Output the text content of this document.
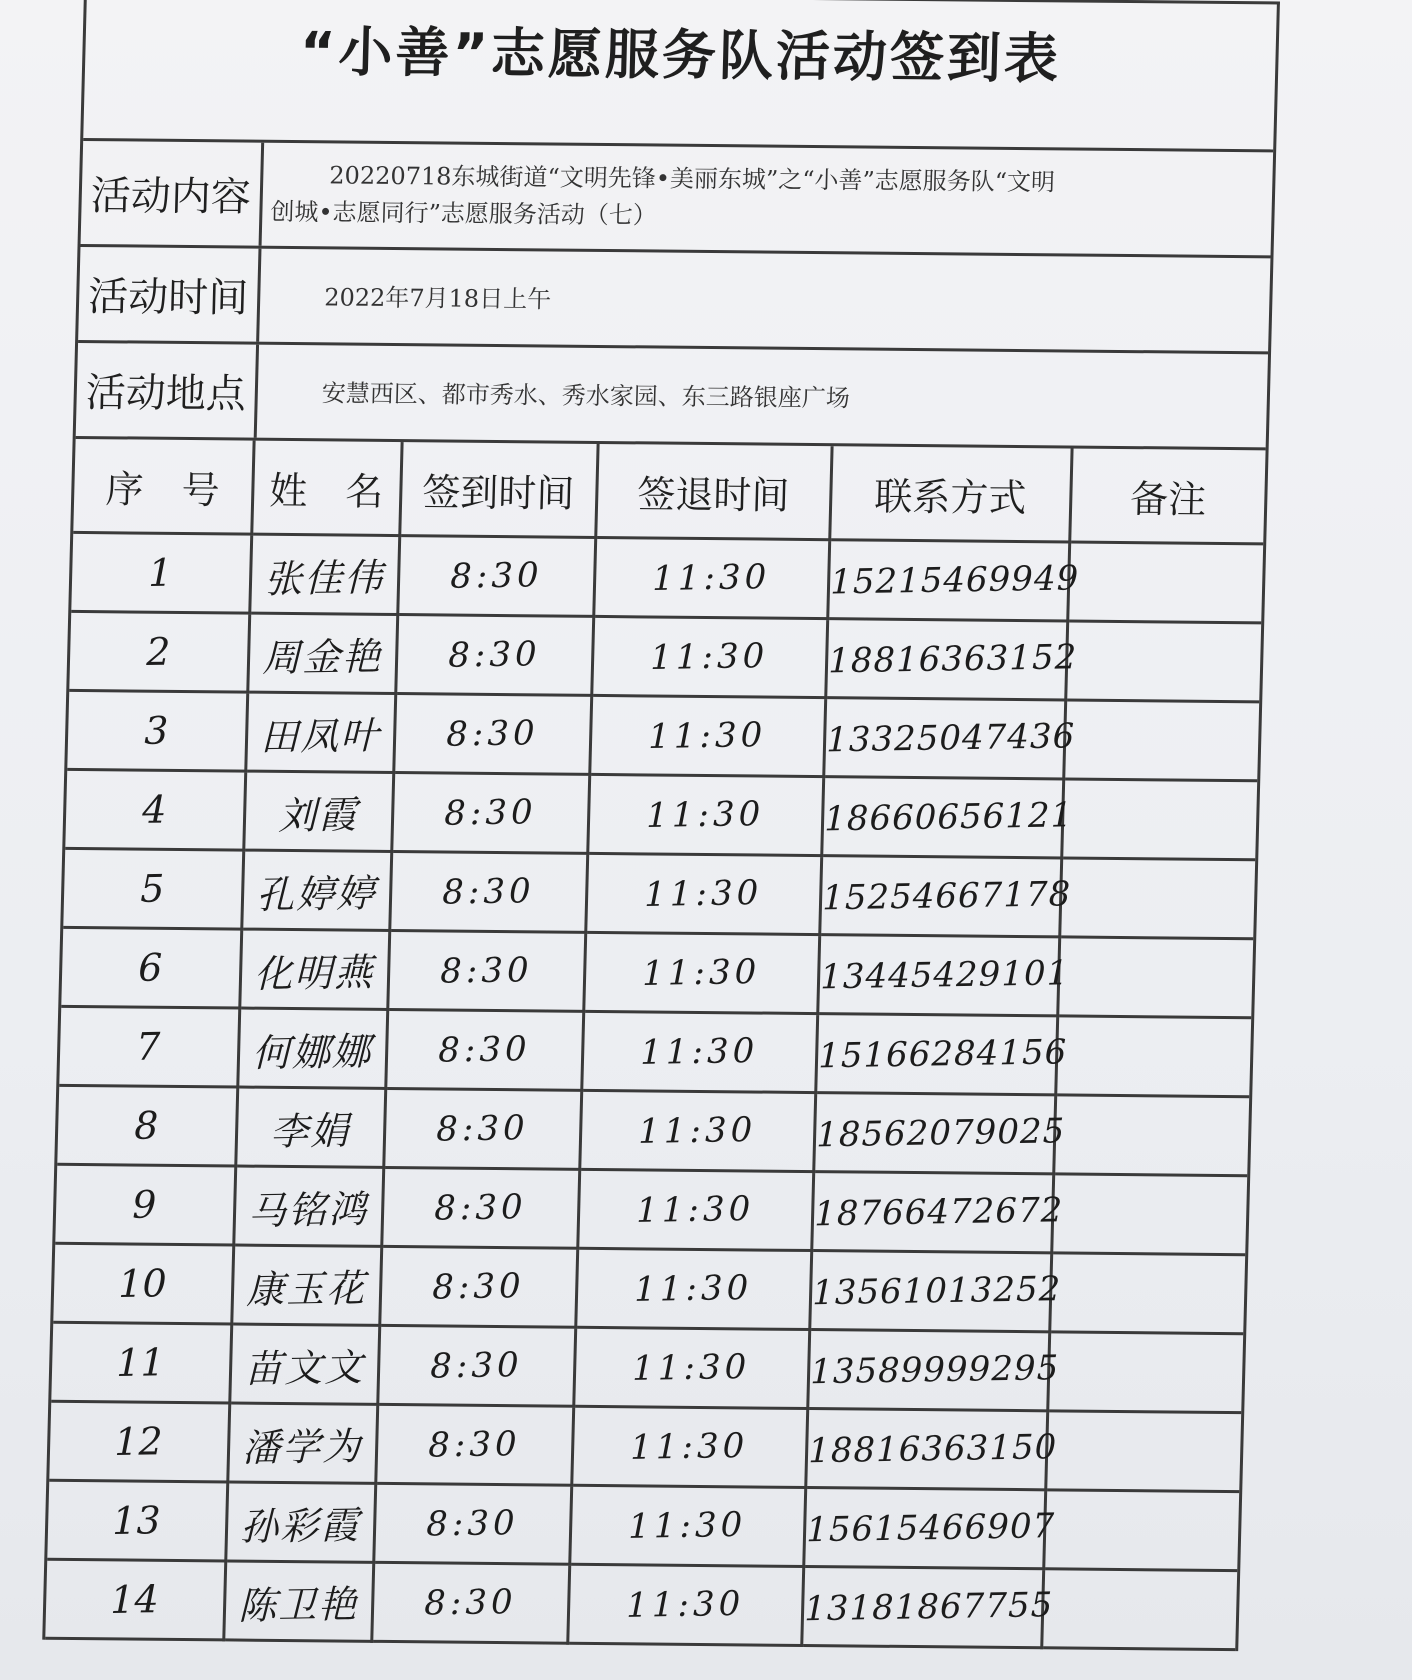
“小善”志愿服务队活动签到表
活动内容	20220718东城街道“文明先锋•美丽东城”之“小善”志愿服务队“文明
创城•志愿同行”志愿服务活动（七）
活动时间	2022年7月18日上午
活动地点	安慧西区、都市秀水、秀水家园、东三路银座广场
序　号	姓　名	签到时间	签退时间	联系方式	备注
1	张佳伟	8:30	11:30	15215469949	
2	周金艳	8:30	11:30	18816363152	
3	田凤叶	8:30	11:30	13325047436	
4	刘霞	8:30	11:30	18660656121	
5	孔婷婷	8:30	11:30	15254667178	
6	化明燕	8:30	11:30	13445429101	
7	何娜娜	8:30	11:30	15166284156	
8	李娟	8:30	11:30	18562079025	
9	马铭鸿	8:30	11:30	18766472672	
10	康玉花	8:30	11:30	13561013252	
11	苗文文	8:30	11:30	13589999295	
12	潘学为	8:30	11:30	18816363150	
13	孙彩霞	8:30	11:30	15615466907	
14	陈卫艳	8:30	11:30	13181867755	
